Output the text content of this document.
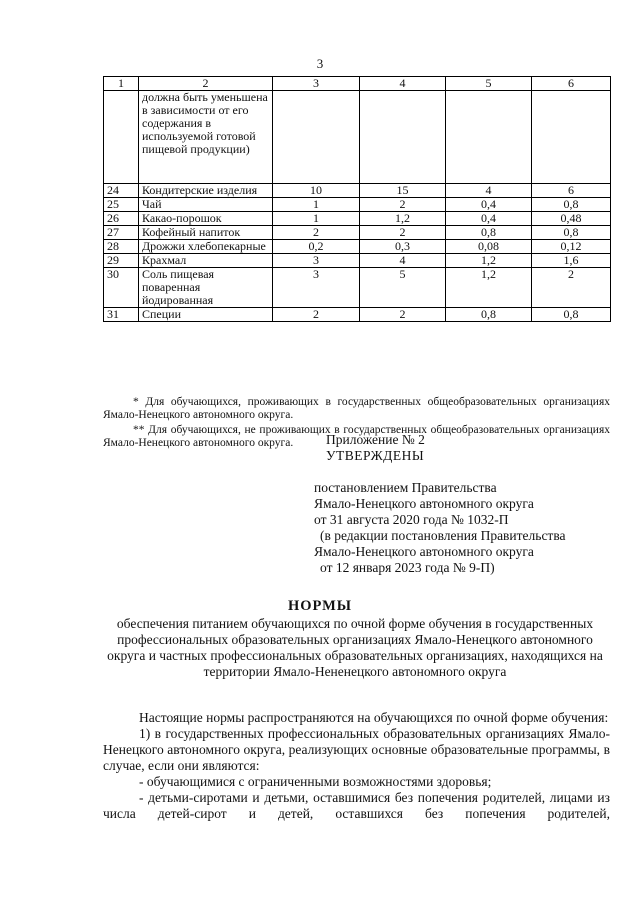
3
1	2	3	4	5	6
	должна быть уменьшена в зависимости от его содержания в используемой готовой пищевой продукции)				
24	Кондитерские изделия	10	15	4	6
25	Чай	1	2	0,4	0,8
26	Какао-порошок	1	1,2	0,4	0,48
27	Кофейный напиток	2	2	0,8	0,8
28	Дрожжи хлебопекарные	0,2	0,3	0,08	0,12
29	Крахмал	3	4	1,2	1,6
30	Соль пищевая поваренная йодированная	3	5	1,2	2
31	Специи	2	2	0,8	0,8

* Для обучающихся, проживающих в государственных общеобразовательных организациях Ямало-Ненецкого автономного округа.

** Для обучающихся, не проживающих в государственных общеобразовательных организациях Ямало-Ненецкого автономного округа.	Приложение № 2
УТВЕРЖДЕНЫ
постановлением Правительства
Ямало-Ненецкого автономного округа
от 31 августа 2020 года № 1032-П
(в редакции постановления Правительства
Ямало-Ненецкого автономного округа
от 12 января 2023 года № 9-П)
НОРМЫ
обеспечения питанием обучающихся по очной форме обучения в государственных профессиональных образовательных организациях Ямало-Ненецкого автономного округа и частных профессиональных образовательных организациях, находящихся на территории Ямало-Нененецкого автономного округа

Настоящие нормы распространяются на обучающихся по очной форме обучения:

1) в государственных профессиональных образовательных организациях Ямало-Ненецкого автономного округа, реализующих основные образовательные программы, в случае, если они являются:

- обучающимися с ограниченными возможностями здоровья;

- детьми-сиротами и детьми, оставшимися без попечения родителей, лицами из числа детей-сирот и детей, оставшихся без попечения родителей,
